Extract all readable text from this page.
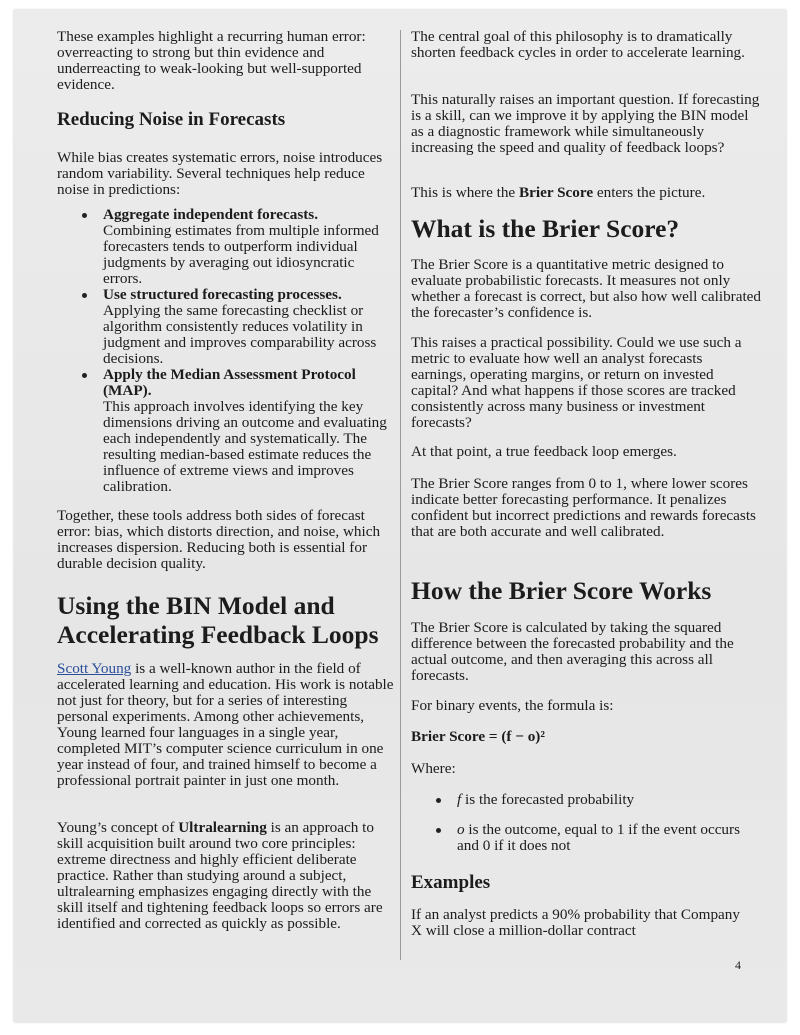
These examples highlight a recurring human error: overreacting to strong but thin evidence and underreacting to weak-looking but well-supported evidence.

Reducing Noise in Forecasts

While bias creates systematic errors, noise introduces random variability. Several techniques help reduce noise in predictions:

Aggregate independent forecasts.
Combining estimates from multiple informed forecasters tends to outperform individual judgments by averaging out idiosyncratic errors.
Use structured forecasting processes.
Applying the same forecasting checklist or algorithm consistently reduces volatility in judgment and improves comparability across decisions.
Apply the Median Assessment Protocol (MAP).
This approach involves identifying the key dimensions driving an outcome and evaluating each independently and systematically. The resulting median-based estimate reduces the influence of extreme views and improves calibration.

Together, these tools address both sides of forecast error: bias, which distorts direction, and noise, which increases dispersion. Reducing both is essential for durable decision quality.

Using the BIN Model and Accelerating Feedback Loops

Scott Young is a well-known author in the field of accelerated learning and education. His work is notable not just for theory, but for a series of interesting personal experiments. Among other achievements, Young learned four languages in a single year, completed MIT’s computer science curriculum in one year instead of four, and trained himself to become a professional portrait painter in just one month.

Young’s concept of Ultralearning is an approach to skill acquisition built around two core principles: extreme directness and highly efficient deliberate practice. Rather than studying around a subject, ultralearning emphasizes engaging directly with the skill itself and tightening feedback loops so errors are identified and corrected as quickly as possible.

The central goal of this philosophy is to dramatically shorten feedback cycles in order to accelerate learning.

This naturally raises an important question. If forecasting is a skill, can we improve it by applying the BIN model as a diagnostic framework while simultaneously increasing the speed and quality of feedback loops?

This is where the Brier Score enters the picture.

What is the Brier Score?

The Brier Score is a quantitative metric designed to evaluate probabilistic forecasts. It measures not only whether a forecast is correct, but also how well calibrated the forecaster’s confidence is.

This raises a practical possibility. Could we use such a metric to evaluate how well an analyst forecasts earnings, operating margins, or return on invested capital? And what happens if those scores are tracked consistently across many business or investment forecasts?

At that point, a true feedback loop emerges.

The Brier Score ranges from 0 to 1, where lower scores indicate better forecasting performance. It penalizes confident but incorrect predictions and rewards forecasts that are both accurate and well calibrated.

How the Brier Score Works

The Brier Score is calculated by taking the squared difference between the forecasted probability and the actual outcome, and then averaging this across all forecasts.

For binary events, the formula is:

Brier Score = (f − o)²

Where:

f is the forecasted probability
o is the outcome, equal to 1 if the event occurs and 0 if it does not
Examples

If an analyst predicts a 90% probability that Company X will close a million-dollar contract

4
